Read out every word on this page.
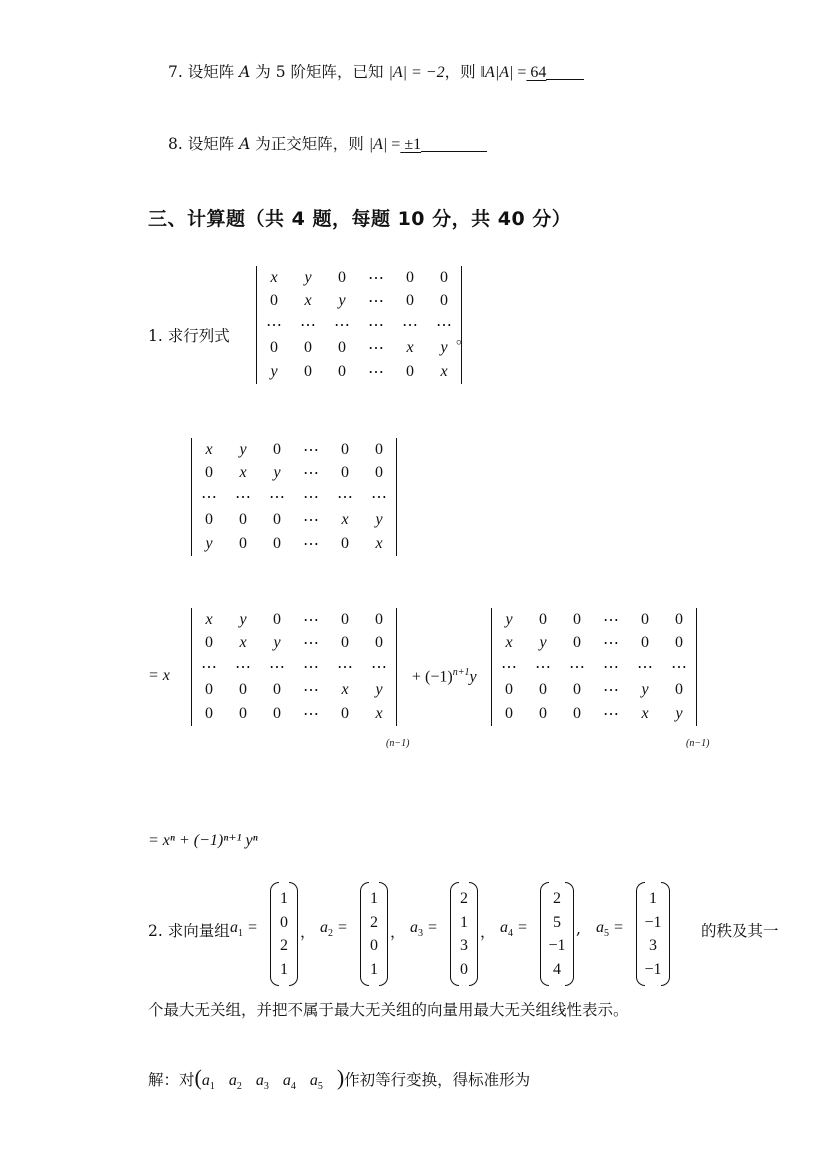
7. 设矩阵 A 为 5 阶矩阵，已知 |A| = −2，则 ‖A|A| = 64
8. 设矩阵 A 为正交矩阵，则 |A| = ±1
三、计算题（共 4 题，每题 10 分，共 40 分）
1. 求行列式
x	y	0	⋯	0	0
0	x	y	⋯	0	0
⋯	⋯	⋯	⋯	⋯	⋯
0	0	0	⋯	x	y
y	0	0	⋯	0	x
。
x	y	0	⋯	0	0
0	x	y	⋯	0	0
⋯	⋯	⋯	⋯	⋯	⋯
0	0	0	⋯	x	y
y	0	0	⋯	0	x
= x
x	y	0	⋯	0	0
0	x	y	⋯	0	0
⋯	⋯	⋯	⋯	⋯	⋯
0	0	0	⋯	x	y
0	0	0	⋯	0	x
(n−1)
+ $(-1)^{n+1}y$
y	0	0	⋯	0	0
x	y	0	⋯	0	0
⋯	⋯	⋯	⋯	⋯	⋯
0	0	0	⋯	y	0
0	0	0	⋯	x	y
(n−1)
= xⁿ + (−1)ⁿ⁺¹ yⁿ
2. 求向量组 $a_1$ =
1
0
2
1
， $a_2$ =
1
2
0
1
， $a_3$ =
2
1
3
0
， $a_4$ =
2
5
−1
4
, $a_5$ =
1
−1
3
−1
的秩及其一
个最大无关组，并把不属于最大无关组的向量用最大无关组线性表示。
解：对($a_1$ $a_2$ $a_3$ $a_4$ $a_5$ )作初等行变换，得标准形为
